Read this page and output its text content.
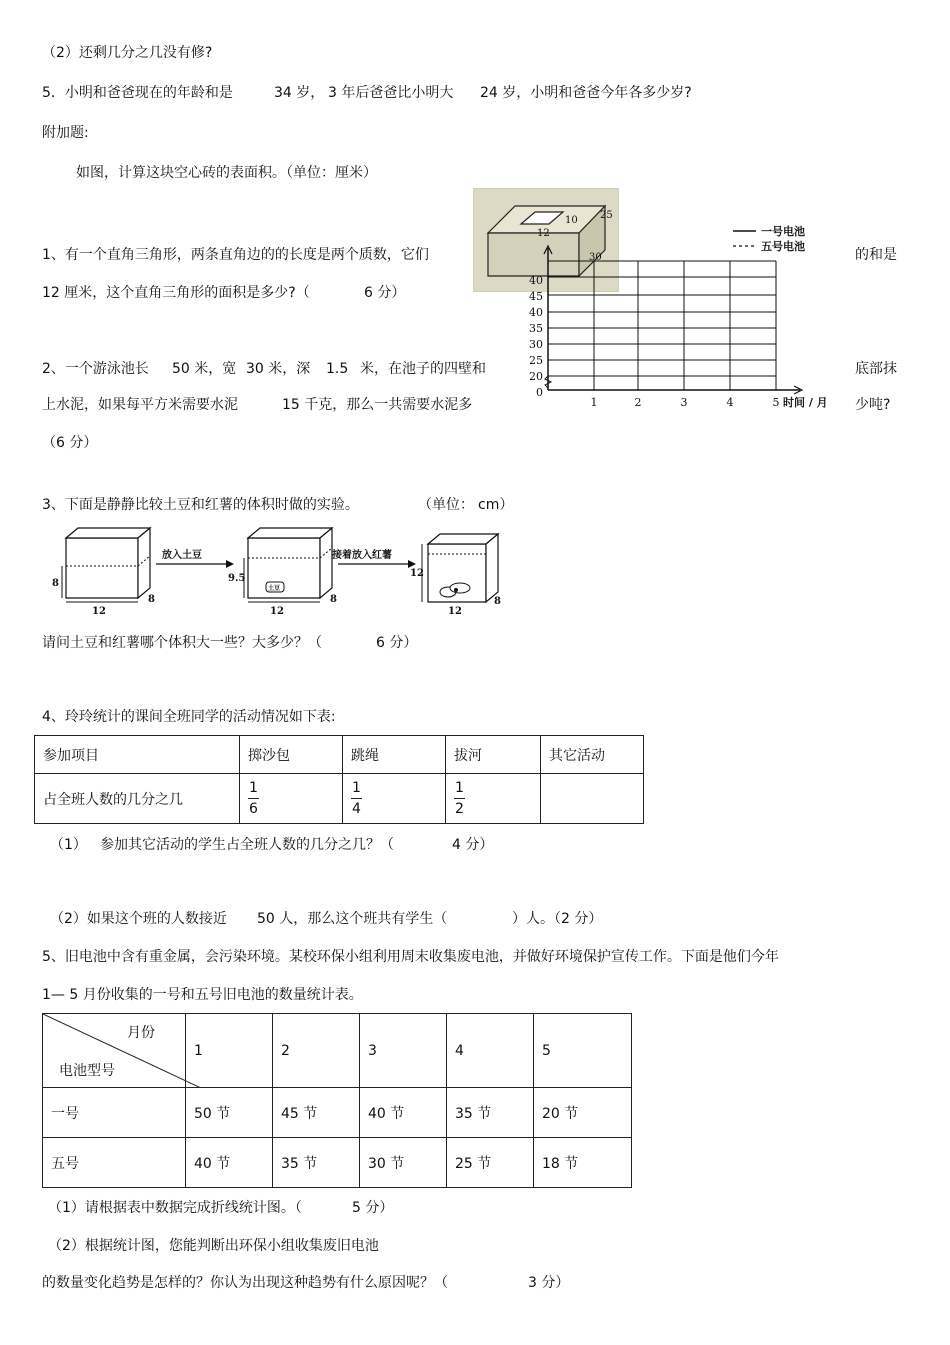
（2）还剩几分之几没有修?
5．小明和爸爸现在的年龄和是	34 岁， 3 年后爸爸比小明大 24 岁，小明和爸爸今年各多少岁?
附加题:
如图，计算这块空心砖的表面积。（单位：厘米）
12
10 25
30
一号电池
五号电池
40
45
40
35
30
25
20
0
1	2	3	4	5 时间 / 月
1、有一个直角三角形，两条直角边的的长度是两个质数，它们	的和是
12 厘米，这个直角三角形的面积是多少?（	6 分）
2、一个游泳池长 50 米，宽 30 米，深 1.5 米，在池子的四壁和	底部抹
上水泥，如果每平方米需要水泥	15 千克，那么一共需要水泥多	少吨?
（6 分）
3、下面是静静比较土豆和红薯的体积时做的实验。	（单位： cm）
8
12
8
放入土豆
土豆
9.5
12
8
接着放入红薯
12
12
8
请问土豆和红薯哪个体积大一些？大多少？（	6 分）
4、玲玲统计的课间全班同学的活动情况如下表:
参加项目	掷沙包	跳绳	拔河	其它活动
占全班人数的几分之几	$\frac{1}{6}$	$\frac{1}{4}$	$\frac{1}{2}$

（1） 参加其它活动的学生占全班人数的几分之几？（	4 分）
（2）如果这个班的人数接近 50 人，那么这个班共有学生（	）人。（2 分）
5、旧电池中含有重金属，会污染环境。某校环保小组利用周末收集废电池，并做好环境保护宣传工作。下面是他们今年
1— 5 月份收集的一号和五号旧电池的数量统计表。
月份
电池型号	1	2	3	4	5
一号	50 节	45 节	40 节	35 节	20 节
五号	40 节	35 节	30 节	25 节	18 节
（1）请根据表中数据完成折线统计图。（	5 分）
（2）根据统计图，您能判断出环保小组收集废旧电池
的数量变化趋势是怎样的？你认为出现这种趋势有什么原因呢？（	3 分）
